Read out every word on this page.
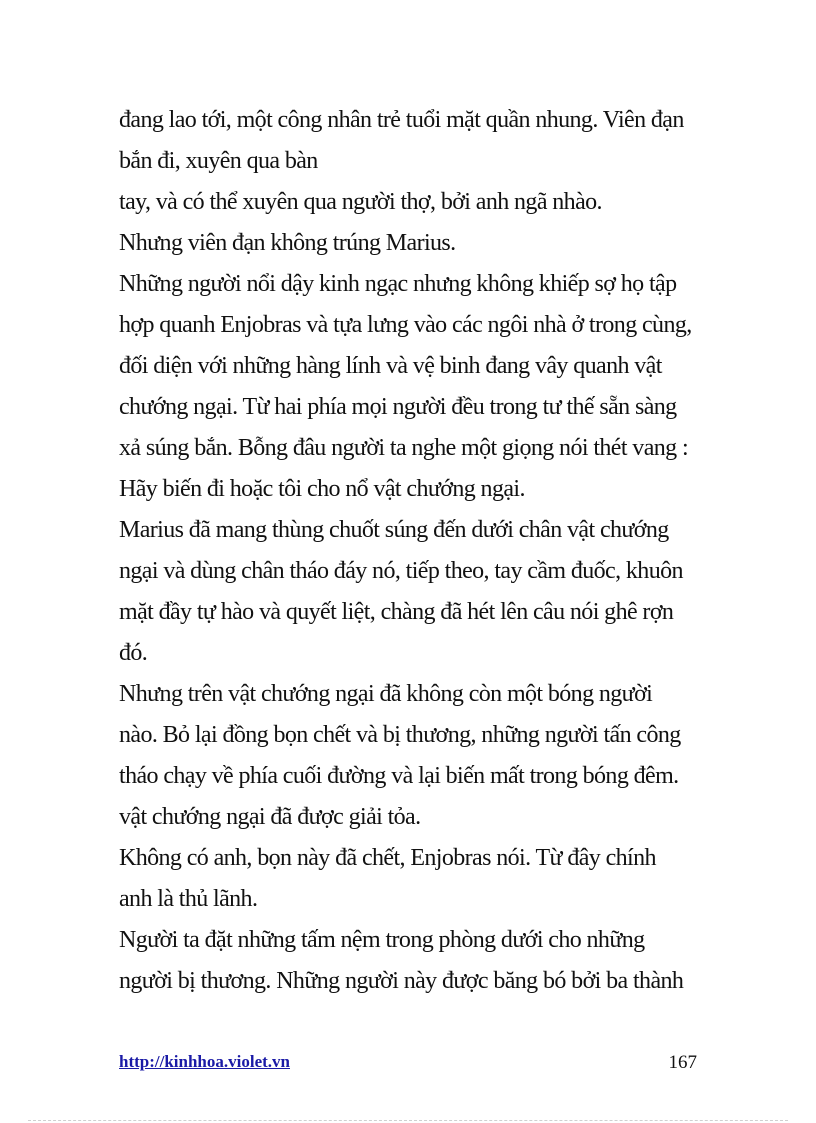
đang lao tới, một công nhân trẻ tuổi mặt quần nhung. Viên đạn
bắn đi, xuyên qua bàn
tay, và có thể xuyên qua người thợ, bởi anh ngã nhào.
Nhưng viên đạn không trúng Marius.
Những người nổi dậy kinh ngạc nhưng không khiếp sợ họ tập
hợp quanh Enjobras và tựa lưng vào các ngôi nhà ở trong cùng,
đối diện với những hàng lính và vệ binh đang vây quanh vật
chướng ngại. Từ hai phía mọi người đều trong tư thế sẵn sàng
xả súng bắn. Bỗng đâu người ta nghe một giọng nói thét vang :
Hãy biến đi hoặc tôi cho nổ vật chướng ngại.
Marius đã mang thùng chuốt súng đến dưới chân vật chướng
ngại và dùng chân tháo đáy nó, tiếp theo, tay cầm đuốc, khuôn
mặt đầy tự hào và quyết liệt, chàng đã hét lên câu nói ghê rợn
đó.
Nhưng trên vật chướng ngại đã không còn một bóng người
nào. Bỏ lại đồng bọn chết và bị thương, những người tấn công
tháo chạy về phía cuối đường và lại biến mất trong bóng đêm.
vật chướng ngại đã được giải tỏa.
Không có anh, bọn này đã chết, Enjobras nói. Từ đây chính
anh là thủ lãnh.
Người ta đặt những tấm nệm trong phòng dưới cho những
người bị thương. Những người này được băng bó bởi ba thành
http://kinhhoa.violet.vn	167
